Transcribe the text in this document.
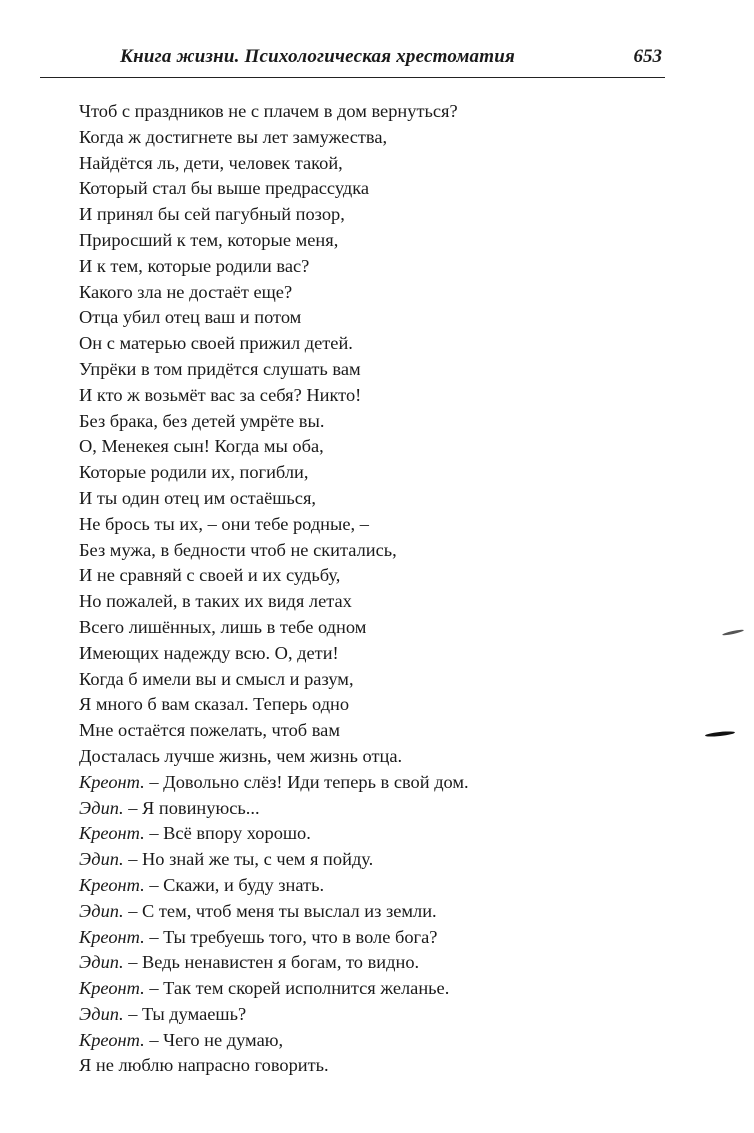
Книга жизни. Психологическая хрестоматия	653
Чтоб с праздников не с плачем в дом вернуться?
Когда ж достигнете вы лет замужества,
Найдётся ль, дети, человек такой,
Который стал бы выше предрассудка
И принял бы сей пагубный позор,
Приросший к тем, которые меня,
И к тем, которые родили вас?
Какого зла не достаёт еще?
Отца убил отец ваш и потом
Он с матерью своей прижил детей.
Упрёки в том придётся слушать вам
И кто ж возьмёт вас за себя? Никто!
Без брака, без детей умрёте вы.
О, Менекея сын! Когда мы оба,
Которые родили их, погибли,
И ты один отец им остаёшься,
Не брось ты их, – они тебе родные, –
Без мужа, в бедности чтоб не скитались,
И не сравняй с своей и их судьбу,
Но пожалей, в таких их видя летах
Всего лишённых, лишь в тебе одном
Имеющих надежду всю. О, дети!
Когда б имели вы и смысл и разум,
Я много б вам сказал. Теперь одно
Мне остаётся пожелать, чтоб вам
Досталась лучше жизнь, чем жизнь отца.
Креонт. – Довольно слёз! Иди теперь в свой дом.
Эдип. – Я повинуюсь...
Креонт. – Всё впору хорошо.
Эдип. – Но знай же ты, с чем я пойду.
Креонт. – Скажи, и буду знать.
Эдип. – С тем, чтоб меня ты выслал из земли.
Креонт. – Ты требуешь того, что в воле бога?
Эдип. – Ведь ненавистен я богам, то видно.
Креонт. – Так тем скорей исполнится желанье.
Эдип. – Ты думаешь?
Креонт. – Чего не думаю,
Я не люблю напрасно говорить.
